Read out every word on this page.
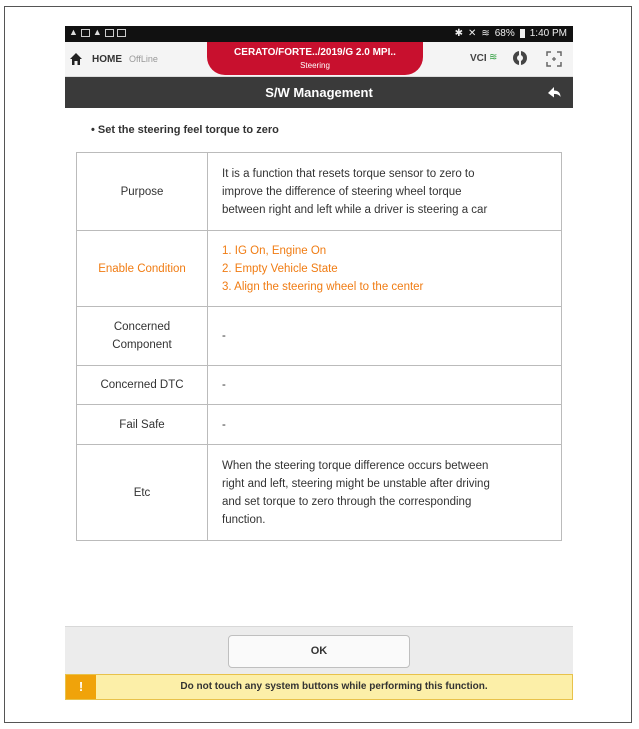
▲ ▲	✱ ✕ ≋ 68% 1:40 PM
HOME OffLine
CERATO/FORTE../2019/G 2.0 MPI..
Steering
VCI ≋
S/W Management
• Set the steering feel torque to zero
Purpose	It is a function that resets torque sensor to zero to
improve the difference of steering wheel torque
between right and left while a driver is steering a car

Enable Condition	1. IG On, Engine On
2. Empty Vehicle State
3. Align the steering wheel to the center

Concerned
Component	-
Concerned DTC	-
Fail Safe	-
Etc	When the steering torque difference occurs between
right and left, steering might be unstable after driving
and set torque to zero through the corresponding
function.
OK
!	Do not touch any system buttons while performing this function.
